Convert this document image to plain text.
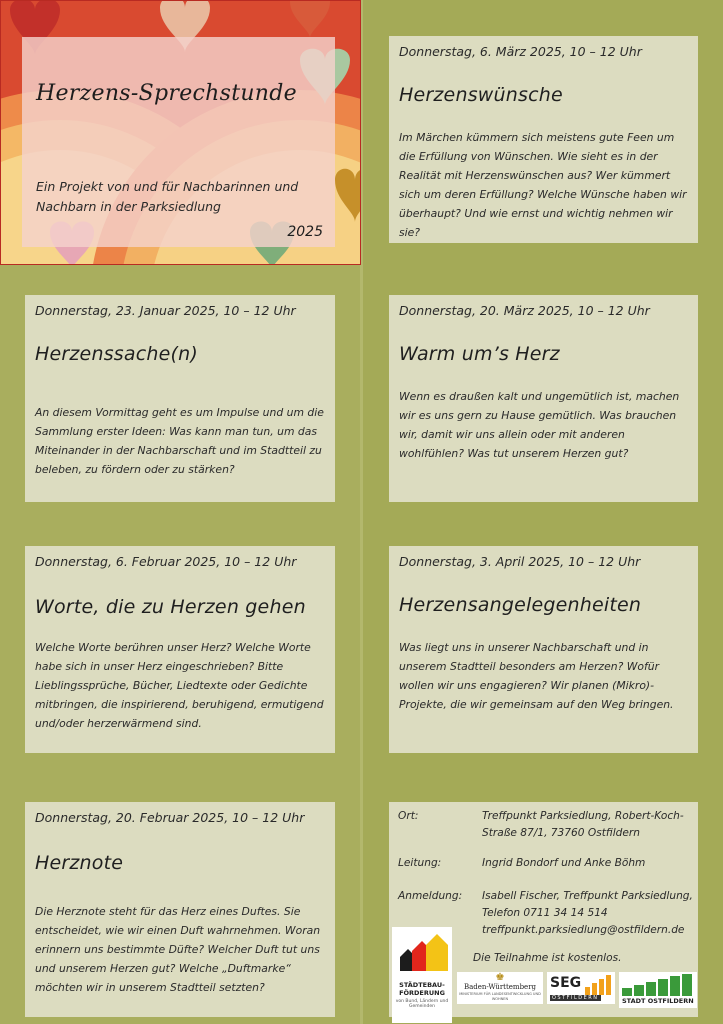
Herzens-Sprechstunde
Ein Projekt von und für Nachbarinnen und Nachbarn in der Parksiedlung
2025
Donnerstag, 23. Januar 2025, 10 – 12 Uhr
Herzenssache(n)
An diesem Vormittag geht es um Impulse und um die Sammlung erster Ideen: Was kann man tun, um das Miteinander in der Nachbarschaft und im Stadtteil zu beleben, zu fördern oder zu stärken?
Donnerstag, 6. Februar 2025, 10 – 12 Uhr
Worte, die zu Herzen gehen
Welche Worte berühren unser Herz? Welche Worte habe sich in unser Herz eingeschrieben? Bitte Lieblingssprüche, Bücher, Liedtexte oder Gedichte mitbringen, die inspirierend, beruhigend, ermutigend und/oder herzerwärmend sind.
Donnerstag, 20. Februar 2025, 10 – 12 Uhr
Herznote
Die Herznote steht für das Herz eines Duftes. Sie entscheidet, wie wir einen Duft wahrnehmen. Woran erinnern uns bestimmte Düfte? Welcher Duft tut uns und unserem Herzen gut? Welche „Duftmarke“ möchten wir in unserem Stadtteil setzten?
Donnerstag, 6. März 2025, 10 – 12 Uhr
Herzenswünsche
Im Märchen kümmern sich meistens gute Feen um die Erfüllung von Wünschen. Wie sieht es in der Realität mit Herzenswünschen aus? Wer kümmert sich um deren Erfüllung? Welche Wünsche haben wir überhaupt? Und wie ernst und wichtig nehmen wir sie?
Donnerstag, 20. März 2025, 10 – 12 Uhr
Warm um’s Herz
Wenn es draußen kalt und ungemütlich ist, machen wir es uns gern zu Hause gemütlich. Was brauchen wir, damit wir uns allein oder mit anderen wohlfühlen? Was tut unserem Herzen gut?
Donnerstag, 3. April 2025, 10 – 12 Uhr
Herzensangelegenheiten
Was liegt uns in unserer Nachbarschaft und in unserem Stadtteil besonders am Herzen? Wofür wollen wir uns engagieren? Wir planen (Mikro)-Projekte, die wir gemeinsam auf den Weg bringen.
Ort:	Treffpunkt Parksiedlung, Robert-Koch-Straße 87/1, 73760 Ostfildern
Leitung:	Ingrid Bondorf und Anke Böhm
Anmeldung:	Isabell Fischer, Treffpunkt Parksiedlung,
Telefon 0711 34 14 514
treffpunkt.parksiedlung@ostfildern.de
Die Teilnahme ist kostenlos.
STÄDTEBAU-FÖRDERUNG
von Bund, Ländern und Gemeinden
♚
Baden-Württemberg
MINISTERIUM FÜR LANDESENTWICKLUNG UND WOHNEN
SEG
OSTFILDERN	STADT OSTFILDERN
